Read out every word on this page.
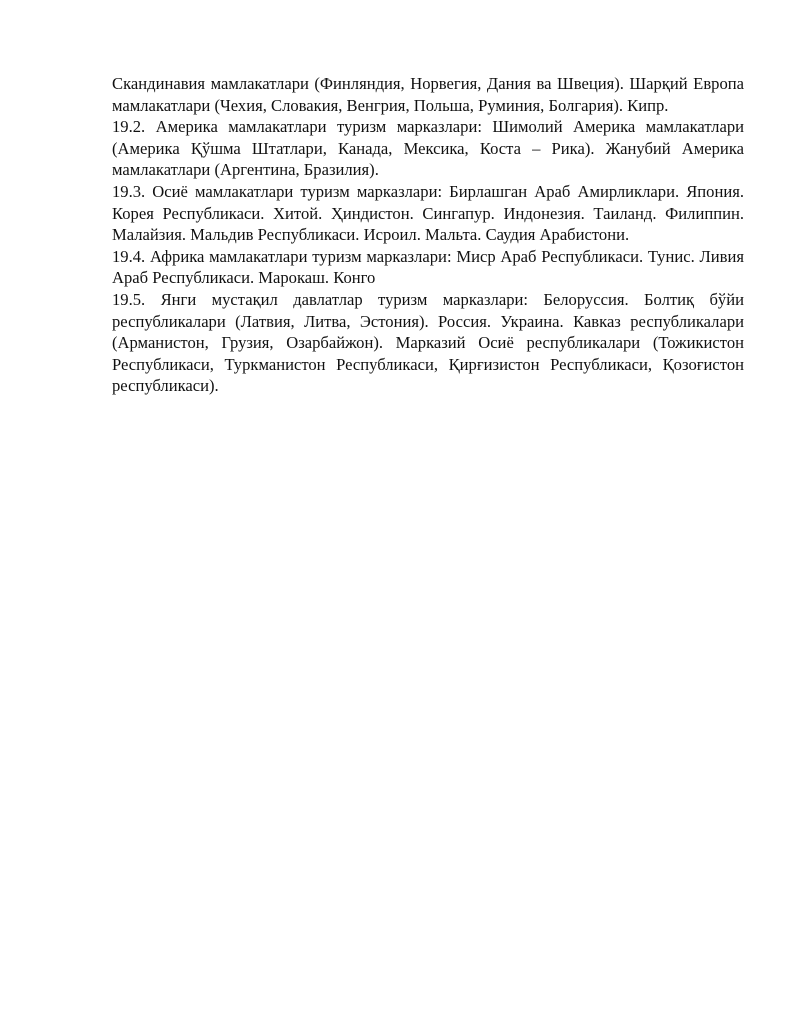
Скандинавия мамлакатлари (Финляндия, Норвегия, Дания ва Швеция). Шарқий Европа мамлакатлари (Чехия, Словакия, Венгрия, Польша, Руминия, Болгария). Кипр.

19.2. Америка мамлакатлари туризм марказлари: Шимолий Америка мамлакатлари (Америка Қўшма Штатлари, Канада, Мексика, Коста – Рика). Жанубий Америка мамлакатлари (Аргентина, Бразилия).

19.3. Осиё мамлакатлари туризм марказлари: Бирлашган Араб Амирликлари. Япония. Корея Республикаси. Хитой. Ҳиндистон. Сингапур. Индонезия. Таиланд. Филиппин. Малайзия. Мальдив Республикаси. Исроил. Мальта. Саудия Арабистони.

19.4. Африка мамлакатлари туризм марказлари: Миср Араб Республикаси. Тунис. Ливия Араб Республикаси. Марокаш. Конго

19.5. Янги мустақил давлатлар туризм марказлари: Белоруссия. Болтиқ бўйи республикалари (Латвия, Литва, Эстония). Россия. Украина. Кавказ республикалари (Арманистон, Грузия, Озарбайжон). Марказий Осиё республикалари (Тожикистон Республикаси, Туркманистон Республикаси, Қирғизистон Республикаси, Қозоғистон республикаси).
